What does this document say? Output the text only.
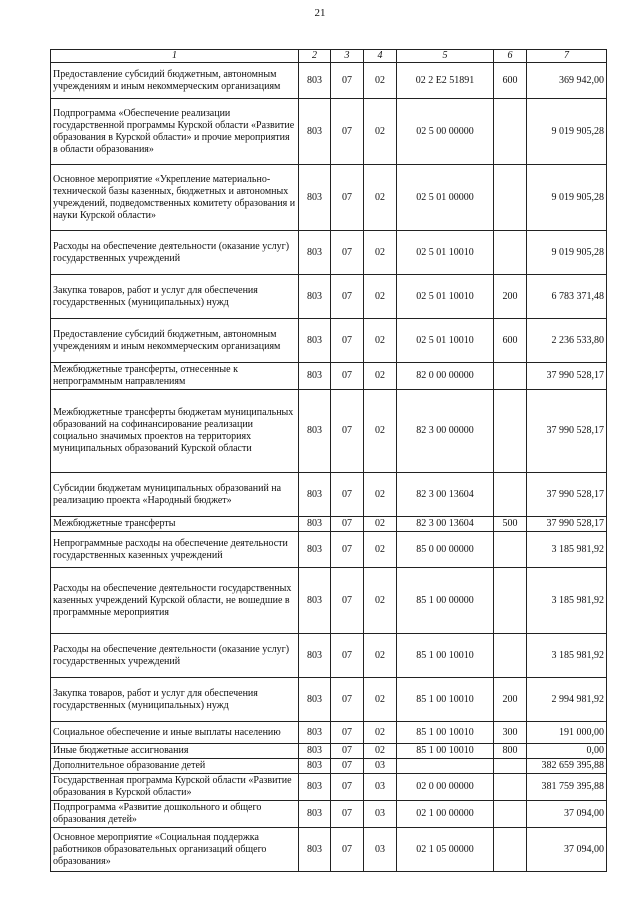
21
1	2	3	4	5	6	7
Предоставление субсидий бюджетным, автономным учреждениям и иным некоммерческим организациям	803	07	02	02 2 E2 51891	600	369 942,00
Подпрограмма «Обеспечение реализации государственной программы Курской области «Развитие образования в Курской области» и прочие мероприятия в области образования»	803	07	02	02 5 00 00000		9 019 905,28
Основное мероприятие «Укрепление материально-технической базы казенных, бюджетных и автономных учреждений, подведомственных комитету образования и науки Курской области»	803	07	02	02 5 01 00000		9 019 905,28
Расходы на обеспечение деятельности (оказание услуг) государственных учреждений	803	07	02	02 5 01 10010		9 019 905,28
Закупка товаров, работ и услуг для обеспечения государственных (муниципальных) нужд	803	07	02	02 5 01 10010	200	6 783 371,48
Предоставление субсидий бюджетным, автономным учреждениям и иным некоммерческим организациям	803	07	02	02 5 01 10010	600	2 236 533,80
Межбюджетные трансферты, отнесенные к непрограммным направлениям	803	07	02	82 0 00 00000		37 990 528,17
Межбюджетные трансферты бюджетам муниципальных образований на софинансирование реализации социально значимых проектов на территориях муниципальных образований Курской области	803	07	02	82 3 00 00000		37 990 528,17
Субсидии бюджетам муниципальных образований на реализацию проекта «Народный бюджет»	803	07	02	82 3 00 13604		37 990 528,17
Межбюджетные трансферты	803	07	02	82 3 00 13604	500	37 990 528,17
Непрограммные расходы на обеспечение деятельности государственных казенных учреждений	803	07	02	85 0 00 00000		3 185 981,92
Расходы на обеспечение деятельности государственных казенных учреждений Курской области, не вошедшие в программные мероприятия	803	07	02	85 1 00 00000		3 185 981,92
Расходы на обеспечение деятельности (оказание услуг) государственных учреждений	803	07	02	85 1 00 10010		3 185 981,92
Закупка товаров, работ и услуг для обеспечения государственных (муниципальных) нужд	803	07	02	85 1 00 10010	200	2 994 981,92
Социальное обеспечение и иные выплаты населению	803	07	02	85 1 00 10010	300	191 000,00
Иные бюджетные ассигнования	803	07	02	85 1 00 10010	800	0,00
Дополнительное образование детей	803	07	03			382 659 395,88
Государственная программа Курской области «Развитие образования в Курской области»	803	07	03	02 0 00 00000		381 759 395,88
Подпрограмма «Развитие дошкольного и общего образования детей»	803	07	03	02 1 00 00000		37 094,00
Основное мероприятие «Социальная поддержка работников образовательных организаций общего образования»	803	07	03	02 1 05 00000		37 094,00
